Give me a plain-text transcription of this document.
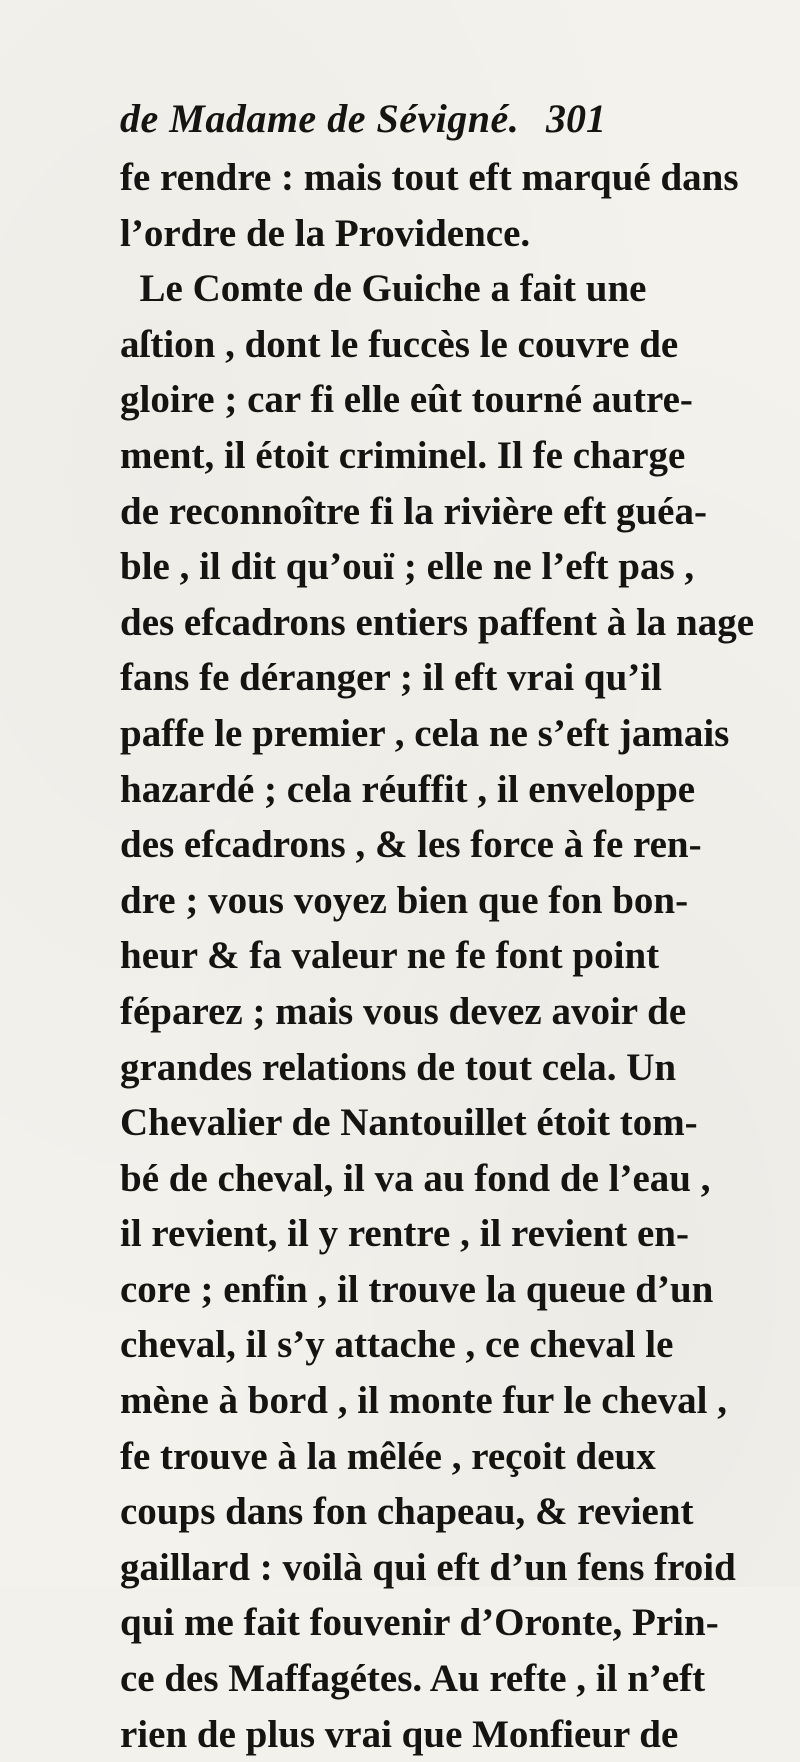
de Madame de Sévigné. 301
fe rendre : mais tout eft marqué dans
l’ordre de la Providence.
Le Comte de Guiche a fait une
aſtion , dont le fuccès le couvre de
gloire ; car fi elle eût tourné autre-
ment, il étoit criminel. Il fe charge
de reconnoître fi la rivière eft guéa-
ble , il dit qu’ouï ; elle ne l’eft pas ,
des efcadrons entiers paffent à la nage
fans fe déranger ; il eft vrai qu’il
paffe le premier , cela ne s’eft jamais
hazardé ; cela réuffit , il enveloppe
des efcadrons , & les force à fe ren-
dre ; vous voyez bien que fon bon-
heur & fa valeur ne fe font point
féparez ; mais vous devez avoir de
grandes relations de tout cela. Un
Chevalier de Nantouillet étoit tom-
bé de cheval, il va au fond de l’eau ,
il revient, il y rentre , il revient en-
core ; enfin , il trouve la queue d’un
cheval, il s’y attache , ce cheval le
mène à bord , il monte fur le cheval ,
fe trouve à la mêlée , reçoit deux
coups dans fon chapeau, & revient
gaillard : voilà qui eft d’un fens froid
qui me fait fouvenir d’Oronte, Prin-
ce des Maffagétes. Au refte , il n’eft
rien de plus vrai que Monfieur de
